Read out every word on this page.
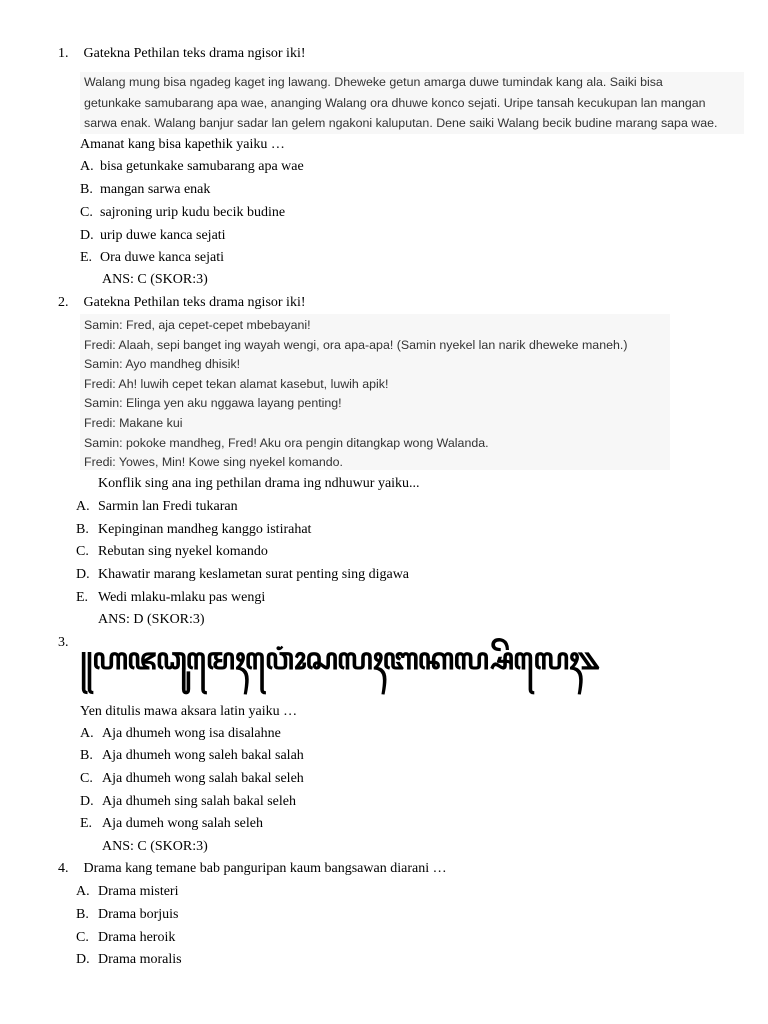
1. Gatekna Pethilan teks drama ngisor iki!
Walang mung bisa ngadeg kaget ing lawang. Dheweke getun amarga duwe tumindak kang ala. Saiki bisa
getunkake samubarang apa wae, ananging Walang ora dhuwe konco sejati. Uripe tansah kecukupan lan mangan
sarwa enak. Walang banjur sadar lan gelem ngakoni kaluputan. Dene saiki Walang becik budine marang sapa wae.
Amanat kang bisa kapethik yaiku …
A. bisa getunkake samubarang apa wae
B. mangan sarwa enak
C. sajroning urip kudu becik budine
D. urip duwe kanca sejati
E. Ora duwe kanca sejati
ANS: C (SKOR:3)
2. Gatekna Pethilan teks drama ngisor iki!
Samin: Fred, aja cepet-cepet mbebayani!
Fredi: Alaah, sepi banget ing wayah wengi, ora apa-apa! (Samin nyekel lan narik dheweke maneh.)
Samin: Ayo mandheg dhisik!
Fredi: Ah! luwih cepet tekan alamat kasebut, luwih apik!
Samin: Elinga yen aku nggawa layang penting!
Fredi: Makane kui
Samin: pokoke mandheg, Fred! Aku ora pengin ditangkap wong Walanda.
Fredi: Yowes, Min! Kowe sing nyekel komando.
Konflik sing ana ing pethilan drama ing ndhuwur yaiku...
A. Sarmin lan Fredi tukaran
B. Kepinginan mandheg kanggo istirahat
C. Rebutan sing nyekel komando
D. Khawatir marang keslametan surat penting sing digawa
E. Wedi mlaku-mlaku pas wengi
ANS: D (SKOR:3)
3. ꧋ꦲꦗꦣꦸꦩꦺꦃꦮꦺꦴꦁꦱꦭꦃꦧꦏꦭ꧀ꦱꦼꦭꦺꦃ꧉
Yen ditulis mawa aksara latin yaiku …
A. Aja dhumeh wong isa disalahne
B. Aja dhumeh wong saleh bakal salah
C. Aja dhumeh wong salah bakal seleh
D. Aja dhumeh sing salah bakal seleh
E. Aja dumeh wong salah seleh
ANS: C (SKOR:3)
4. Drama kang temane bab panguripan kaum bangsawan diarani …
A. Drama misteri
B. Drama borjuis
C. Drama heroik
D. Drama moralis
